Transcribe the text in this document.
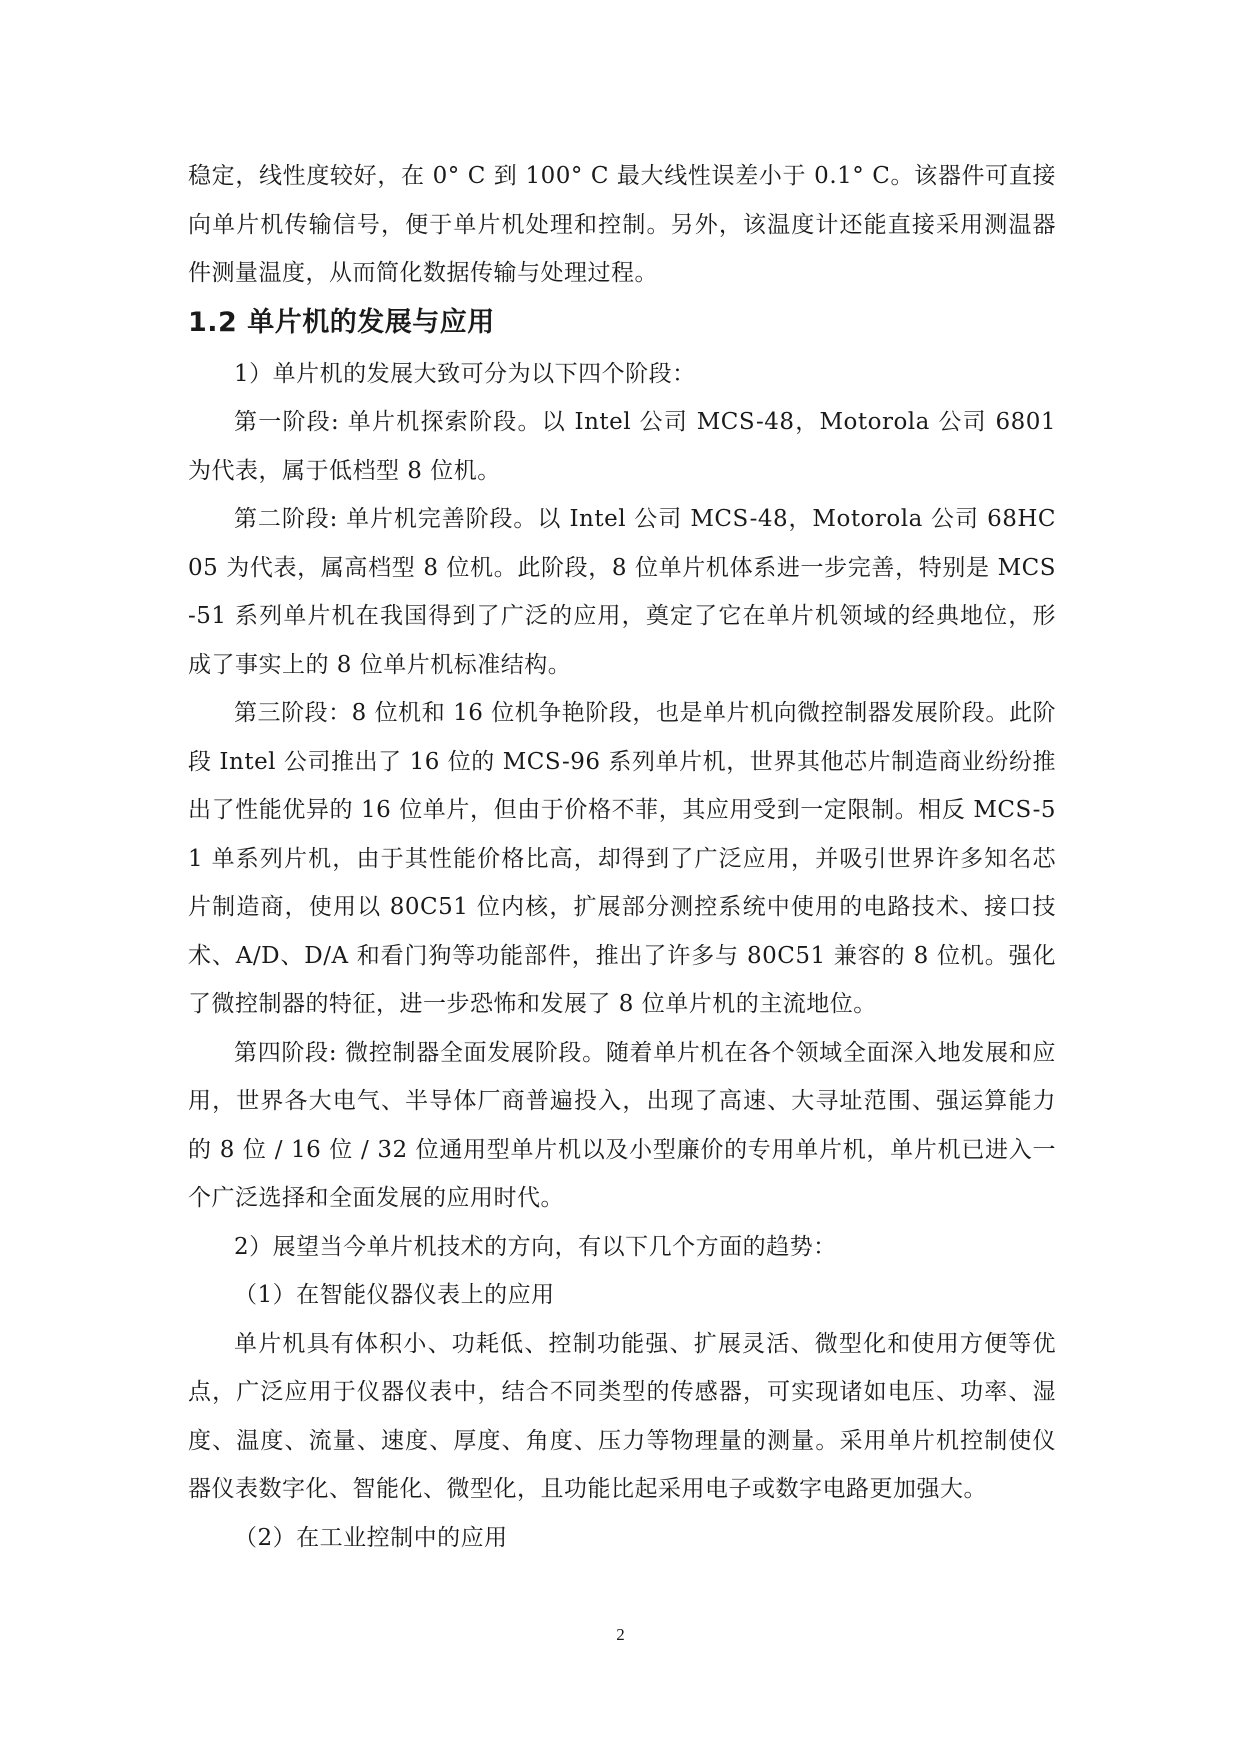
稳定，线性度较好，在 0° C 到 100° C 最大线性误差小于 0.1° C。该器件可直接向单片机传输信号，便于单片机处理和控制。另外，该温度计还能直接采用测温器件测量温度，从而简化数据传输与处理过程。

1.2 单片机的发展与应用

1）单片机的发展大致可分为以下四个阶段：

第一阶段: 单片机探索阶段。以 Intel 公司 MCS-48，Motorola 公司 6801 为代表，属于低档型 8 位机。

第二阶段: 单片机完善阶段。以 Intel 公司 MCS-48，Motorola 公司 68HC05 为代表，属高档型 8 位机。此阶段，8 位单片机体系进一步完善，特别是 MCS-51 系列单片机在我国得到了广泛的应用，奠定了它在单片机领域的经典地位，形成了事实上的 8 位单片机标准结构。

第三阶段：8 位机和 16 位机争艳阶段，也是单片机向微控制器发展阶段。此阶段 Intel 公司推出了 16 位的 MCS-96 系列单片机，世界其他芯片制造商业纷纷推出了性能优异的 16 位单片，但由于价格不菲，其应用受到一定限制。相反 MCS-51 单系列片机，由于其性能价格比高，却得到了广泛应用，并吸引世界许多知名芯片制造商，使用以 80C51 位内核，扩展部分测控系统中使用的电路技术、接口技术、A/D、D/A 和看门狗等功能部件，推出了许多与 80C51 兼容的 8 位机。强化了微控制器的特征，进一步恐怖和发展了 8 位单片机的主流地位。

第四阶段: 微控制器全面发展阶段。随着单片机在各个领域全面深入地发展和应用，世界各大电气、半导体厂商普遍投入，出现了高速、大寻址范围、强运算能力的 8 位 / 16 位 / 32 位通用型单片机以及小型廉价的专用单片机，单片机已进入一个广泛选择和全面发展的应用时代。

2）展望当今单片机技术的方向，有以下几个方面的趋势：

（1）在智能仪器仪表上的应用

单片机具有体积小、功耗低、控制功能强、扩展灵活、微型化和使用方便等优点，广泛应用于仪器仪表中，结合不同类型的传感器，可实现诸如电压、功率、湿度、温度、流量、速度、厚度、角度、压力等物理量的测量。采用单片机控制使仪器仪表数字化、智能化、微型化，且功能比起采用电子或数字电路更加强大。

（2）在工业控制中的应用

2
